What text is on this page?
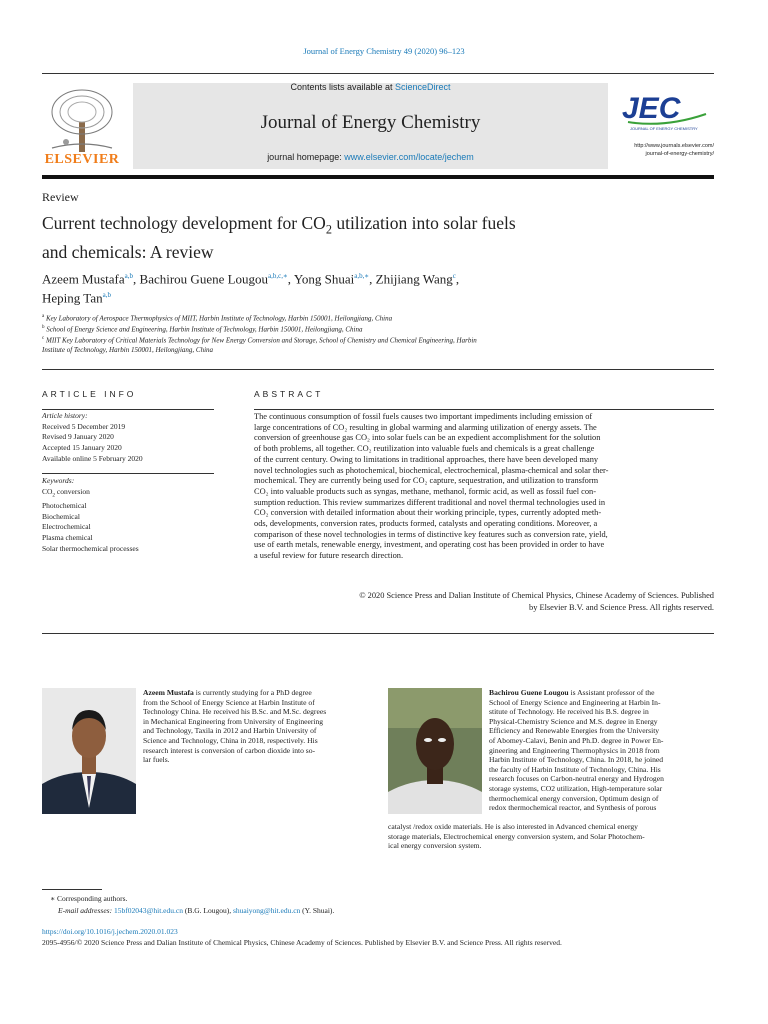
Journal of Energy Chemistry 49 (2020) 96–123
ELSEVIER
Contents lists available at ScienceDirect
Journal of Energy Chemistry
journal homepage: www.elsevier.com/locate/jechem
JEC
JOURNAL OF ENERGY CHEMISTRY
http://www.journals.elsevier.com/
journal-of-energy-chemistry/
Review
Current technology development for $CO_2$ utilization into solar fuels
and chemicals: A review
Azeem Mustafa$^{a,b}$, Bachirou Guene Lougou$^{a,b,c,∗}$, Yong Shuai$^{a,b,∗}$, Zhijiang Wang$^c$,
Heping Tan$^{a,b}$
$^a$ Key Laboratory of Aerospace Thermophysics of MIIT, Harbin Institute of Technology, Harbin 150001, Heilongjiang, China
$^b$ School of Energy Science and Engineering, Harbin Institute of Technology, Harbin 150001, Heilongjiang, China
$^c$ MIIT Key Laboratory of Critical Materials Technology for New Energy Conversion and Storage, School of Chemistry and Chemical Engineering, Harbin
Institute of Technology, Harbin 150001, Heilongjiang, China
ARTICLE INFO
Article history:
Received 5 December 2019
Revised 9 January 2020
Accepted 15 January 2020
Available online 5 February 2020
Keywords:
$CO_2$ conversion
Photochemical
Biochemical
Electrochemical
Plasma chemical
Solar thermochemical processes
ABSTRACT
The continuous consumption of fossil fuels causes two important impediments including emission of
large concentrations of CO₂ resulting in global warming and alarming utilization of energy assets. The
conversion of greenhouse gas CO₂ into solar fuels can be an expedient accomplishment for the solution
of both problems, all together. CO₂ reutilization into valuable fuels and chemicals is a great challenge
of the current century. Owing to limitations in traditional approaches, there have been developed many
novel technologies such as photochemical, biochemical, electrochemical, plasma-chemical and solar ther-
mochemical. They are currently being used for CO₂ capture, sequestration, and utilization to transform
CO₂ into valuable products such as syngas, methane, methanol, formic acid, as well as fossil fuel con-
sumption reduction. This review summarizes different traditional and novel thermal technologies used in
CO₂ conversion with detailed information about their working principle, types, currently adopted meth-
ods, developments, conversion rates, products formed, catalysts and operating conditions. Moreover, a
comparison of these novel technologies in terms of distinctive key features such as conversion rate, yield,
use of earth metals, renewable energy, investment, and operating cost has been provided in order to have
a useful review for future research direction.
© 2020 Science Press and Dalian Institute of Chemical Physics, Chinese Academy of Sciences. Published
by Elsevier B.V. and Science Press. All rights reserved.
Azeem Mustafa is currently studying for a PhD degree
from the School of Energy Science at Harbin Institute of
Technology China. He received his B.Sc. and M.Sc. degrees
in Mechanical Engineering from University of Engineering
and Technology, Taxila in 2012 and Harbin University of
Science and Technology, China in 2018, respectively. His
research interest is conversion of carbon dioxide into so-
lar fuels.
Bachirou Guene Lougou is Assistant professor of the
School of Energy Science and Engineering at Harbin In-
stitute of Technology. He received his B.S. degree in
Physical-Chemistry Science and M.S. degree in Energy
Efficiency and Renewable Energies from the University
of Abomey-Calavi, Benin and Ph.D. degree in Power En-
gineering and Engineering Thermophysics in 2018 from
Harbin Institute of Technology, China. In 2018, he joined
the faculty of Harbin Institute of Technology, China. His
research focuses on Carbon-neutral energy and Hydrogen
storage systems, CO2 utilization, High-temperature solar
thermochemical energy conversion, Optimum design of
redox thermochemical reactor, and Synthesis of porous
catalyst /redox oxide materials. He is also interested in Advanced chemical energy
storage materials, Electrochemical energy conversion system, and Solar Photochem-
ical energy conversion system.
∗ Corresponding authors.
E-mail addresses: 15bf02043@hit.edu.cn (B.G. Lougou), shuaiyong@hit.edu.cn (Y. Shuai).
https://doi.org/10.1016/j.jechem.2020.01.023
2095-4956/© 2020 Science Press and Dalian Institute of Chemical Physics, Chinese Academy of Sciences. Published by Elsevier B.V. and Science Press. All rights reserved.
